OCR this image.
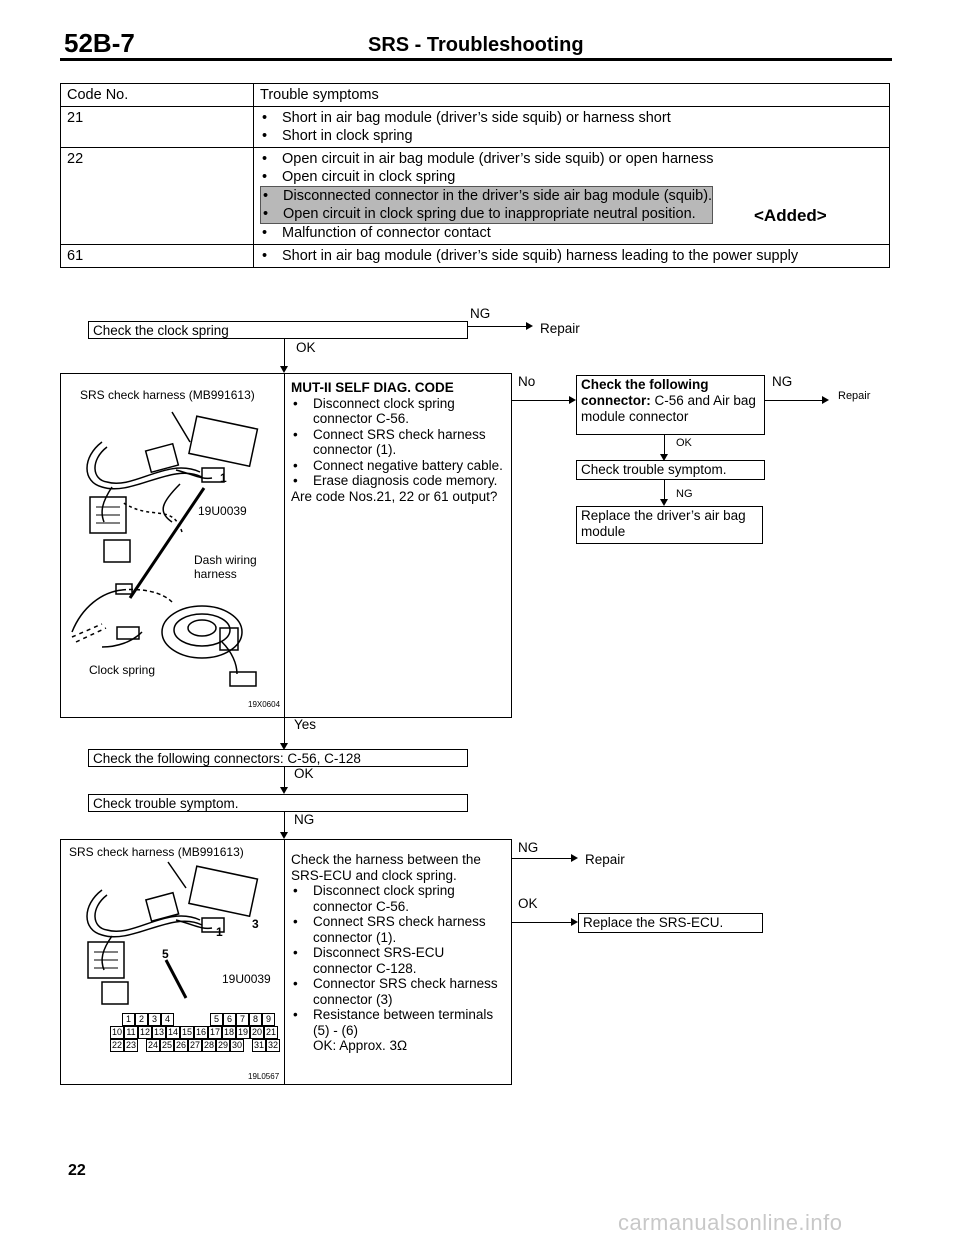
52B-7	SRS - Troubleshooting
Code No.	Trouble symptoms
21	• Short in air bag module (driver’s side squib) or harness short
• Short in clock spring

22	• Open circuit in air bag module (driver’s side squib) or open harness
• Open circuit in clock spring
• Disconnected connector in the driver’s side air bag module (squib).
• Open circuit in clock spring due to inappropriate neutral position.
• Malfunction of connector contact

61	• Short in air bag module (driver’s side squib) harness leading to the power supply
<Added>
Check the clock spring
NG
Repair
OK
SRS check harness (MB991613)
1
19U0039
Dash wiring harness
Clock spring
19X0604
MUT-II SELF DIAG. CODE
• Disconnect clock spring connector C-56.
• Connect SRS check harness connector (1).
• Connect negative battery cable.
• Erase diagnosis code memory.
Are code Nos.21, 22 or 61 output?
No	Check the following connector: C-56 and Air bag module connector
NG
Repair
OK
Check trouble symptom.
NG
Replace the driver’s air bag module
Yes
Check the following connectors: C-56, C-128
OK
Check trouble symptom.
NG
SRS check harness (MB991613)
1
3
5
19U0039
1 2 3 4	5 6 7 8 9
10 11 12 13 14 15 16 17 18 19 20 21
22 23 24 25 26 27 28 29 30 31 32
19L0567
Check the harness between the SRS-ECU and clock spring.
• Disconnect clock spring connector C-56.
• Connect SRS check harness connector (1).
• Disconnect SRS-ECU connector C-128.
• Connector SRS check harness connector (3)
• Resistance between terminals (5) - (6)
OK: Approx. 3Ω
NG
Repair
OK
Replace the SRS-ECU.
22
carmanualsonline.info
